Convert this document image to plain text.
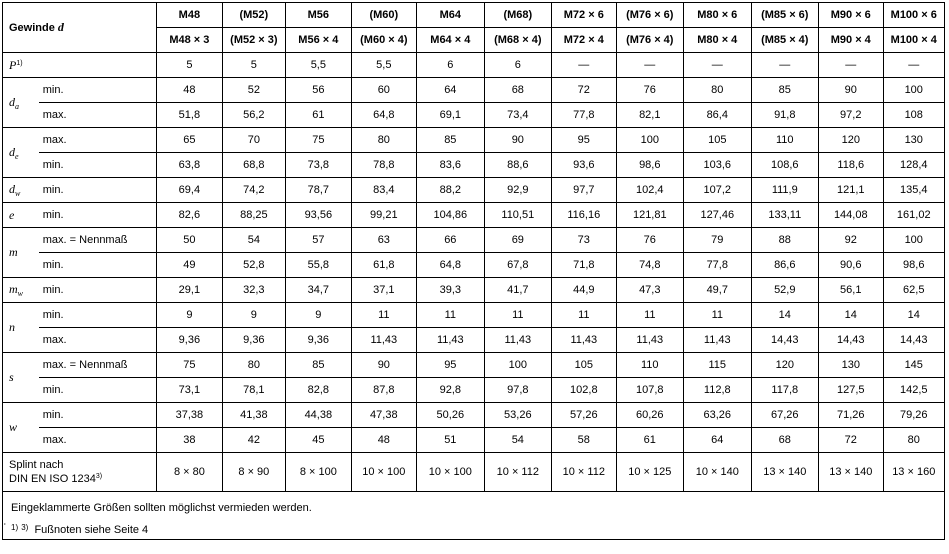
Gewinde d		M48	(M52)	M56	(M60)	M64	(M68)	M72 × 6	(M76 × 6)	M80 × 6	(M85 × 6)	M90 × 6	M100 × 6
		M48 × 3	(M52 × 3)	M56 × 4	(M60 × 4)	M64 × 4	(M68 × 4)	M72 × 4	(M76 × 4)	M80 × 4	(M85 × 4)	M90 × 4	M100 × 4
$P^{1)}$		5	5	5,5	5,5	6	6	—	—	—	—	—	—
$d_a$	min.	48	52	56	60	64	68	72	76	80	85	90	100
	max.	51,8	56,2	61	64,8	69,1	73,4	77,8	82,1	86,4	91,8	97,2	108
$d_e$	max.	65	70	75	80	85	90	95	100	105	110	120	130
	min.	63,8	68,8	73,8	78,8	83,6	88,6	93,6	98,6	103,6	108,6	118,6	128,4
$d_w$	min.	69,4	74,2	78,7	83,4	88,2	92,9	97,7	102,4	107,2	111,9	121,1	135,4
e	min.	82,6	88,25	93,56	99,21	104,86	110,51	116,16	121,81	127,46	133,11	144,08	161,02
m	max. = Nennmaß	50	54	57	63	66	69	73	76	79	88	92	100
	min.	49	52,8	55,8	61,8	64,8	67,8	71,8	74,8	77,8	86,6	90,6	98,6
$m_w$	min.	29,1	32,3	34,7	37,1	39,3	41,7	44,9	47,3	49,7	52,9	56,1	62,5
n	min.	9	9	9	11	11	11	11	11	11	14	14	14
	max.	9,36	9,36	9,36	11,43	11,43	11,43	11,43	11,43	11,43	14,43	14,43	14,43
s	max. = Nennmaß	75	80	85	90	95	100	105	110	115	120	130	145
	min.	73,1	78,1	82,8	87,8	92,8	97,8	102,8	107,8	112,8	117,8	127,5	142,5
w	min.	37,38	41,38	44,38	47,38	50,26	53,26	57,26	60,26	63,26	67,26	71,26	79,26
	max.	38	42	45	48	51	54	58	61	64	68	72	80
Splint nach
DIN EN ISO 1234$^{3)}$		8 × 80	8 × 90	8 × 100	10 × 100	10 × 100	10 × 112	10 × 112	10 × 125	10 × 140	13 × 140	13 × 140	13 × 160
ʾ
Eingeklammerte Größen sollten möglichst vermieden werden.
$^{1)}$ $^{3)}$ Fußnoten siehe Seite 4
